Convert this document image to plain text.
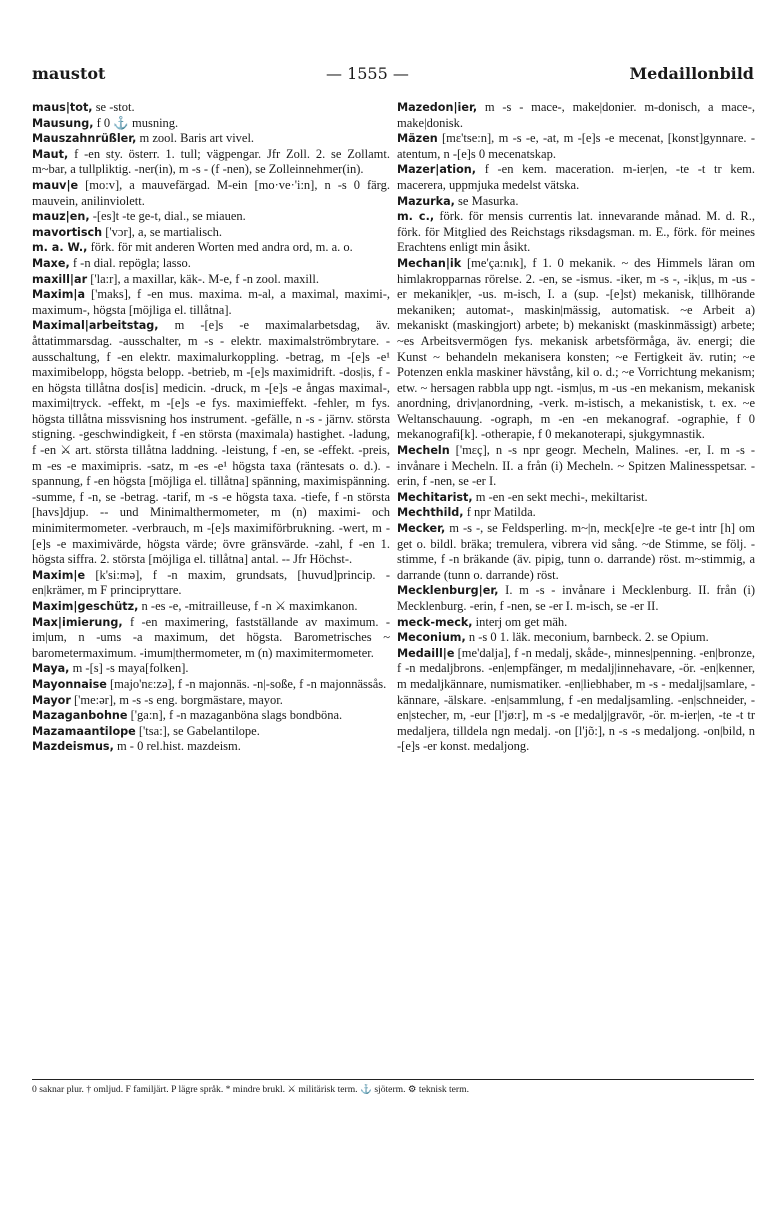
maustot	— 1555 —	Medaillonbild

maus|tot, se -stot.

Mausung, f 0 ⚓ musning.

Mauszahnrüßler, m zool. Baris art vivel.

Maut, f -en sty. österr. 1. tull; vägpengar. Jfr Zoll. 2. se Zollamt. m~bar, a tullpliktig. -ner(in), m -s - (f -nen), se Zolleinnehmer(in).

mauv|e [mo:v], a mauvefärgad. M-ein [mo·ve·'i:n], n -s 0 färg. mauvein, anilinviolett.

mauz|en, -[es]t -te ge-t, dial., se miauen.

mavortisch ['vɔr], a, se martialisch.

m. a. W., förk. för mit anderen Worten med andra ord, m. a. o.

Maxe, f -n dial. repögla; lasso.

maxill|ar ['la:r], a maxillar, käk-. M-e, f -n zool. maxill.

Maxim|a ['maks], f -en mus. maxima. m-al, a maximal, maximi-, maximum-, högsta [möjliga el. tillåtna].

Maximal|arbeitstag, m -[e]s -e maximalarbetsdag, äv. åttatimmarsdag. -ausschalter, m -s - elektr. maximalströmbrytare. -ausschaltung, f -en elektr. maximalurkoppling. -betrag, m -[e]s -e¹ maximibelopp, högsta belopp. -betrieb, m -[e]s maximidrift. -dos|is, f -en högsta tillåtna dos[is] medicin. -druck, m -[e]s -e ångas maximal-, maximi|tryck. -effekt, m -[e]s -e fys. maximieffekt. -fehler, m fys. högsta tillåtna missvisning hos instrument. -gefälle, n -s - järnv. största stigning. -geschwindigkeit, f -en största (maximala) hastighet. -ladung, f -en ⚔ art. största tillåtna laddning. -leistung, f -en, se -effekt. -preis, m -es -e maximipris. -satz, m -es -e¹ högsta taxa (räntesats o. d.). -spannung, f -en högsta [möjliga el. tillåtna] spänning, maximispänning. -summe, f -n, se -betrag. -tarif, m -s -e högsta taxa. -tiefe, f -n största [havs]djup. -- und Minimalthermometer, m (n) maximi- och minimitermometer. -verbrauch, m -[e]s maximiförbrukning. -wert, m -[e]s -e maximivärde, högsta värde; övre gränsvärde. -zahl, f -en 1. högsta siffra. 2. största [möjliga el. tillåtna] antal. -- Jfr Höchst-.

Maxim|e [k'si:mə], f -n maxim, grundsats, [huvud]princip. -en|krämer, m F principryttare.

Maxim|geschütz, n -es -e, -mitrailleuse, f -n ⚔ maximkanon.

Max|imierung, f -en maximering, fastställande av maximum. -im|um, n -ums -a maximum, det högsta. Barometrisches ~ barometermaximum. -imum|thermometer, m (n) maximitermometer.

Maya, m -[s] -s maya[folken].

Mayonnaise [majo'nɛ:zə], f -n majonnäs. -n|-soße, f -n majonnässås.

Mayor ['me:ər], m -s -s eng. borgmästare, mayor.

Mazaganbohne ['ga:n], f -n mazaganböna slags bondböna.

Mazamaantilope ['tsa:], se Gabelantilope.

Mazdeismus, m - 0 rel.hist. mazdeism.

Mazedon|ier, m -s - mace-, make|donier. m-donisch, a mace-, make|donisk.

Mäzen [mɛ'tse:n], m -s -e, -at, m -[e]s -e mecenat, [konst]gynnare. -atentum, n -[e]s 0 mecenatskap.

Mazer|ation, f -en kem. maceration. m-ier|en, -te -t tr kem. macerera, uppmjuka medelst vätska.

Mazurka, se Masurka.

m. c., förk. för mensis currentis lat. innevarande månad. M. d. R., förk. för Mitglied des Reichstags riksdagsman. m. E., förk. för meines Erachtens enligt min åsikt.

Mechan|ik [me'ça:nık], f 1. 0 mekanik. ~ des Himmels läran om himlakropparnas rörelse. 2. -en, se -ismus. -iker, m -s -, -ik|us, m -us -er mekanik|er, -us. m-isch, I. a (sup. -[e]st) mekanisk, tillhörande mekaniken; automat-, maskin|mässig, automatisk. ~e Arbeit a) mekaniskt (maskingjort) arbete; b) mekaniskt (maskinmässigt) arbete; ~es Arbeitsvermögen fys. mekanisk arbetsförmåga, äv. energi; die Kunst ~ behandeln mekanisera konsten; ~e Fertigkeit äv. rutin; ~e Potenzen enkla maskiner hävstång, kil o. d.; ~e Vorrichtung mekanism; etw. ~ hersagen rabbla upp ngt. -ism|us, m -us -en mekanism, mekanisk anordning, driv|anordning, -verk. m-istisch, a mekanistisk, t. ex. ~e Weltanschauung. -ograph, m -en -en mekanograf. -ographie, f 0 mekanografi[k]. -otherapie, f 0 mekanoterapi, sjukgymnastik.

Mecheln ['mɛç], n -s npr geogr. Mecheln, Malines. -er, I. m -s - invånare i Mecheln. II. a från (i) Mecheln. ~ Spitzen Malinesspetsar. -erin, f -nen, se -er I.

Mechitarist, m -en -en sekt mechi-, mekiltarist.

Mechthild, f npr Matilda.

Mecker, m -s -, se Feldsperling. m~|n, meck[e]re -te ge-t intr [h] om get o. bildl. bräka; tremulera, vibrera vid sång. ~de Stimme, se följ. -stimme, f -n bräkande (äv. pipig, tunn o. darrande) röst. m~stimmig, a darrande (tunn o. darrande) röst.

Mecklenburg|er, I. m -s - invånare i Mecklenburg. II. från (i) Mecklenburg. -erin, f -nen, se -er I. m-isch, se -er II.

meck-meck, interj om get mäh.

Meconium, n -s 0 1. läk. meconium, barnbeck. 2. se Opium.

Medaill|e [me'dalja], f -n medalj, skåde-, minnes|penning. -en|bronze, f -n medaljbrons. -en|empfänger, m medalj|innehavare, -ör. -en|kenner, m medaljkännare, numismatiker. -en|liebhaber, m -s - medalj|samlare, -kännare, -älskare. -en|sammlung, f -en medaljsamling. -en|schneider, -en|stecher, m, -eur [l'jø:r], m -s -e medalj|gravör, -ör. m-ier|en, -te -t tr medaljera, tilldela ngn medalj. -on [l'jõ:], n -s -s medaljong. -on|bild, n -[e]s -er konst. medaljong.

0 saknar plur. † omljud. F familjärt. P lägre språk. * mindre brukl. ⚔ militärisk term. ⚓ sjöterm. ⚙ teknisk term.
